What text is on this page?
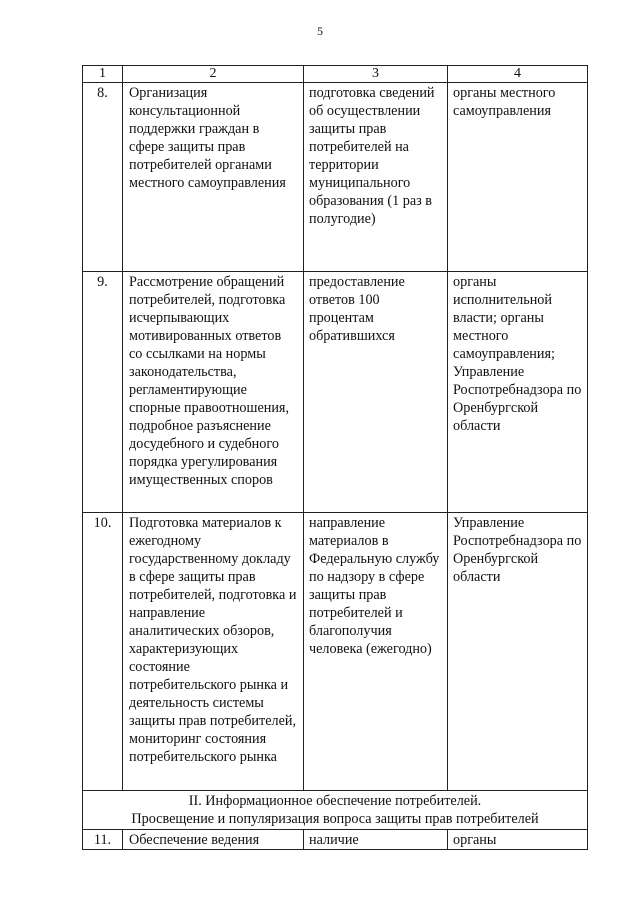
5
1	2	3	4
8.	Организация консультационной поддержки граждан в сфере защиты прав потребителей органами местного самоуправления	подготовка сведений об осуществлении защиты прав потребителей на территории муниципального образования (1 раз в полугодие)	органы местного самоуправления
9.	Рассмотрение обращений потребителей, подготовка исчерпывающих мотивированных ответов со ссылками на нормы законодательства, регламентирующие спорные правоотношения, подробное разъяснение досудебного и судебного порядка урегулирования имущественных споров	предоставление ответов 100 процентам обратившихся	органы исполнительной власти; органы местного самоуправления; Управление Роспотребнадзора по Оренбургской области
10.	Подготовка материалов к ежегодному государственному докладу в сфере защиты прав потребителей, подготовка и направление аналитических обзоров, характеризующих состояние потребительского рынка и деятельность системы защиты прав потребителей, мониторинг состояния потребительского рынка	направление материалов в Федеральную службу по надзору в сфере защиты прав потребителей и благополучия человека (ежегодно)	Управление Роспотребнадзора по Оренбургской области

II. Информационное обеспечение потребителей.
Просвещение и популяризация вопроса защиты прав потребителей			

11.	Обеспечение ведения	наличие	органы
